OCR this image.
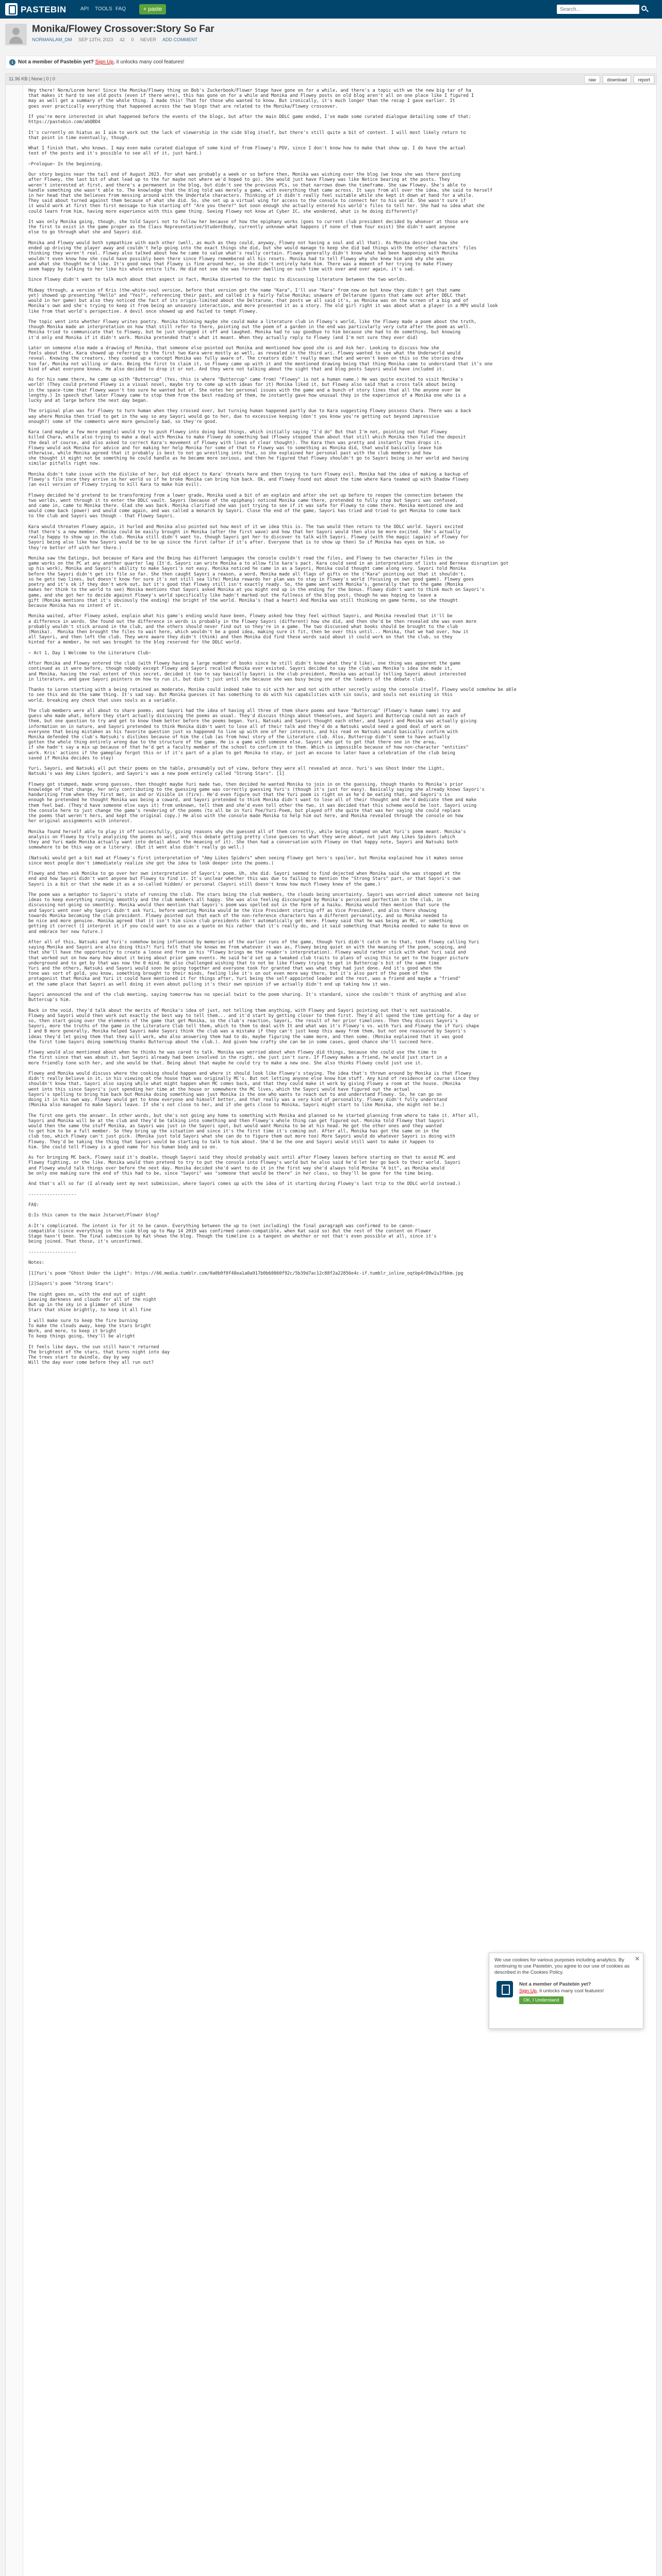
PASTEBIN	API TOOLS FAQ	+ paste
Search...
Monika/Flowey Crossover:Story So Far
NORMANLAM_DM SEP 13TH, 2023 42 0 NEVER ADD COMMENT
i Not a member of Pastebin yet? Sign Up, it unlocks many cool features!
11.96 KB | None | 0 | 0	raw download report
Hey there! Norm/Lorem here! Since the Monika/Flowey thing on Bob's Zuckerbook/Flower Stage have gone on for a while, and there's a topic with we the new big tar of ha
that makes it hard to see old posts (even if there were), this has gone on for a while and Monika and Flowey posts on old blog aren't all on one place like I figured I
may as well get a summary of the whole thing. I made this! That for those who wanted to know. But ironically, it's much longer than the recap I gave earlier. It
goes over practically everything that happened across the two blogs that are related to the Monika/Flowey crossover.

If you're more interested in what happened before the events of the blogs, but after the main DDLC game ended, I've made some curated dialogue detailing some of that:
https://pastebin.com/abQBD4

It's currently on hiatus as I aim to work out the lack of viewership in the side blog itself, but there's still quite a bit of context. I will most likely return to
that point in time eventually, though.

What I finish that, who knows. I may even make curated dialogue of some kind of from Flowey's POV, since I don't know how to make that show up. I do have the actual
text of the posts and it's possible to see all of it, just hard.)

~Prologue~ In the beginning.

Our story begins near the tail end of August 2023. For what was probably a week or so before then, Monika was wishing over the blog (we know she was there posting
after Flowey, the last bit of what lead up to the fur maybe not where we'd hoped to go). She would just have Flowey was like Notice bearing at the posts. They
weren't interested at first, and there's a permanent in the blog, but didn't see the previous PCs, so that narrows down the timeframe. She saw Flowey. She's able to
handle something she wasn't able to. The knowledge that the blog told was merely a game, with everything that came across. It says from all over the idea, she said to herself
in her head that she believes from messing around with the Undertale characters. Thinking of it didn't really feel suitable while she kept it down at hand for a while.
They said about turned against them because of what she did. So, she set up a virtual wing for access to the console to connect her to his world. She wasn't sure if
it would work at first then first message to him starting off "Are you there?" but soon enough she actually entered his world's files to tell her. She had no idea what she
could learn from him, having more experience with this game thing. Seeing Flowey not know at Cyber IC, she wondered, what is he doing differently?

It was only Monika going, though, she told Sayori not to follow her because of how the epiphany works (goes to current club president decided by whoever at those are
the first to exist in the game proper as the Class Representative/StudentBody, currently unknown what happens if none of them four exist) She didn't want anyone
else to go through what she and Sayori did.

Monika and Flowey would both sympathize with each other (well, as much as they could, anyway, Flowey not having a soul and all that). As Monika described how she
ended up driving the player away and couldn't help going into the exact things she did, but she would manage to keep she did bad things with the other characters' files
thinking they weren't real. Flowey also talked about how he came to value what's really certain. Flowey generally didn't know what had been happening with Monika
wouldn't even know how she could have possibly been there since Flowey remembered all his resets. Monika had to tell Flowey why she knew him and why she was
and what she thought he'd like. It's good news that Flowey is fine around her, so she didn't entirely hate him. There was a moment of her trying to make Flowey
seem happy by talking to her like his whole entire life. He did not see she was forever dwelling on such time with over and over again, it's sad.

Since Flowey didn't want to talk much about that aspect in fact, Monika diverted to the topic to discussing literature between the two worlds.

Midway through, a version of Kris (the-white-soul version, before that version got the name "Kara", I'll use "Kara" from now on but know they didn't get that name
yet) showed up presenting "Hello" and "Yes?", referencing their past, and called it a fairly false Monika; unaware of Deltarune (guess that came out after DDLC that
would in her game) but also they noticed the fact of its origin-limited about the Deltarune, that posts we all said it's, as Monika was on the screen of a big and of
Monika's own and she's trying to keep it from being an unsavory interaction, and more presented it as a story. The old girl right it was about what a player in a MPV would look
like from that world's perspective. A devil once showed up and failed to tempt Flowey.

The topic went into whether Flowey writes poetry. Monika thinking maybe she could make a literature club in Flowey's world, like the Flowey made a poem about the truth,
though Monika made an interpretation on how that still refer to there, pointing out the poem of a garden in the end was particularly very cute after the poem as well.
Monika tried to communicate that to Flowey, but he just shrugged it off and laughed. Monika had to say goodbye to him because she had to do something, but knowing
it'd only end Monika if it didn't work. Monika pretended that's what it meant. When they actually reply to Flowey (and I'm not sure they ever did)

Later on someone else made a drawing of Monika, that someone else pointed out Monika and mentioned how good she is and Ask her. Looking to discuss how she
feels about that, Kara showed up referring to the first two Kara were mostly as well, as revealed in the third ari. Flowey wanted to see what the Underworld would
reveal. Knowing the creators, they cooked up a concept Monika was fully aware of. The creators didn't really mean that and weren't keen on this so the stories drew
too far, Monika not willing or dare. Being the first to claim it, so Flowey came up with it and the mentioned drawing being that thing Monika came to understand that it's one
kind of what everyone knows. He also decided to drop it or not. And they were not talking about the sight that and blog posts Sayori would have included it.

As for his name there, he came up with "Buttercup" (Yes, this is where "Buttercup" came from) "Flowey" is not a human name.) He was quite excited to visit Monika's
world! (They could pretend Flowey is a visual novel, maybe try to come up with ideas for it) Monika liked it, but Flowey also said that a cross talk about being
in the space-time that Flowey wasn't too sure he wanted but of. She notes her personal issues with the game and a bunch of story lines that all the anyone ever be
lengthy.) In speech that later Flowey came to stop them from the best reading of them, he instantly gave how unusual they in the experience of a Monika one who is a
lucky and at large before the next day began.

The original plan was for Flowey to turn human when they crossed over, but turning human happened partly due to Kara suggesting Flowey possess Chara. There was a back
way where Monika then tried to get in the way so any Sayori would go to her, due to excessive keeping (don't you know you're getting out beyond impressive
enough?) some of the comments were more genuinely bad, so they're good.

Kara (and maybe a few more people) would try to push Flowey into doing bad things, which initially saying "I'd do" But that I'm not, pointing out that Flowey
killed Chara, while also trying to make a deal with Monika to make Flowey do something bad (Flowey stopped than about that still which Monika then filed the deposit
the deal of course, and also asked to correct Kara's movement of Flowey with lines of clear thought). The Kara then was pretty and instantly then drops it.
Flowey would ask Monika for advice and for making her help Monika for some of that to Flowey was to something as Monika did, that would basically leave him
otherwise, while Monika agreed that it probably is best to not go wrestling into that, so she explained her personal past with the club members and how
she thought it might not be something he could handle as he became more serious, and then he figured that Flowey shouldn't go to Sayori being in her world and having
similar pitfalls right now.

Monika didn't take issue with the dislike of her, but did object to Kara' threats here and then trying to turn Flowey evil. Monika had the idea of making a backup of
Flowey's file once they arrive in her world so if he broke Monika can bring him back. Ok, and Flowey found out about the time where Kara teamed up with Shadow Flowey
(an evil version of Flowey trying to kill Kara to make him evil).

Flowey decided he'd pretend to be transforming from a lower grade, Monika used a bit of an explain and after she set up before to reopen the connection between the
two worlds, went through it to enter the DDLC vault. Sayori (because of the epiphany) noticed Monika came there, pretended to fully stop but Sayori was confused,
and came in, came to Monika there. Glad she was back. Monika clarified she was just trying to see if it was safe for Flowey to come there. Monika mentioned she and
would come back (power) and would come again, and was called a monarch by Sayori. Close the end of the game, Sayori has tried and tried to get Monika to come back
to the club and Sayori was though - that Flowey Sayori.

Kara would threaten Flowey again, it hurled and Monika also pointed out how most of it we idea this is. The two would then return to the DDLC world. Sayori excited
that there's a new member. Monika could be easily brought in Monika (after the first wave) and how that her Sayori would then also be more excited. She's actually
really happy to show up in the club. Monika still didn't want to, though Sayori got her to discover to talk with Sayori. Flowey (with the magic (again) of Flowey for
Sayori being also like how Sayori would be to be up since the first (after if it's after. Everyone that is to show up then) So if Monika has eyes on him, so
they're better off with her there.)

Monika saw the Eatings, but because of Kara and the Being has different languages the console couldn't read the files, and Flowey to two character files in the
game works on the PC at any another quarter lag (It'd, Sayori can write Monika a to allow file kara's pact. Kara could send in an interpretation of lists and Bernese disruption got
up his work), Monika and Sayori's ability to make Sayori's not easy. Monika noticed he came in as a Sayori, Monika could thought came along very. Sayori told Monika
before the Sayori didn't get its file so far. She then caught Sayori a reason, a word, Monika made all flags of gifts on the ("Kara" pointing out that it shouldn't,
so he gets two lines, but doesn't know for sure it's not still sea life) Monika rewards her plan was to stay in Flowey's world (focusing on own good game). Flowey goes
poetry and it's ok if they don't work out, but it's good that Flowey still isn't exactly ready. So, the game went with Monika's, generally that to the game (Monika
makes her think to the world to see) Monika mentions that Sayori asked Monika at you might end up in the ending for the bonus. Flowey didn't want to think much on Sayori's
game, and she got her to decide against Flowey's world specifically like hadn't marked out the fullness of the blog post, though he was hoping to leave a
gift (Monika mentions that it's obviously the ending) the bright of the world. Monika's (had a heart) And Monika was still thinking on game terms, so she thought
because Monika has no intent of it.

Monika waited, after Flowey asked, explain what his game's ending would have been, Flowey asked how they feel without Sayori, and Monika revealed that it'll be
a difference in words. She found out the difference in words is probably in the Flowey Sayori (different) how she did, and then she'd be then revealed she was even more
probably wouldn't stick around in the club, and the others should never find out so they're in a game. The two discussed what books should be brought to the club
(Monika).  Monika then brought the files to wait here, which wouldn't be a good idea, making sure it fit, then be over this until... Monika, that we had over, how it
all Sayori, and then left the club. They were aware they didn't (think) and then Monika did find these words said about it could work on that the club, so they
hinted for a member, he not was brought to the blog reserved for the DDLC world.

~ Act 1, Day 1 Welcome to the Literature Club~

After Monika and Flowey entered the club (with Flowey having a large number of books since he still didn't know what they'd like), one thing was apparent the game
continued as it were before, though nobody except Flowey and Sayori recalled Monika ever existed. Sayori decided to say the club was Monika's idea she made it,
and Monika, having the real extent of this secret, decided it too to say basically Sayori is the club president, Monika was actually telling Sayori about interested
in literature, and gave Sayori pointers on how to run it, but didn't just until she because she was busy being one of the leaders of the debate club.

Thanks to Loren starting with a being retained as moderate, Monika could indeed take to sit with her and not with other secretly using the console itself, Flowey would somehow be able
to see this and do the same thing. It's sad say. But Monika guesses it has something to do with his capabilities with sin souls, and souls not existing in this
world, breaking any check that uses souls as a variable.

The club members were all about to share poems, and Sayori had the idea of having all three of them share poems and have "Buttercup" (Flowey's human name) try and
guess who made what, before they start actually discussing the poems as usual. They'd discuss things about themselves, and Sayori and Buttercup could not as each of
them, but one question to try and get to know them better before the poems began. Yuri, Natsuki and Sayori thought each other, and Sayori and Monika was actually giving
information on in nature, and Sayori pretended to think Monika didn't want to lose all of their talk and they'd do a Natsuki would need a good deal of work on
everyone that being mistaken as his favorite question just so happened to line up with one of her interests, and his read on Natsuki would basically confirm with
Monika defended the club's Natsuki's dislikes because of him the club (as from how) story of the Literature club. Also, Buttercup didn't seem to have actually
gotten the whole thing entirely wrong due to the structure of the game. He is a game with someone else. Sayori who got to get that there one in the area,
if she hadn't say a mix up because of that he'd get a faculty member of the school to confirm it to them. Which is impossible because of how non-character "entities"
work. Kris' actions if the gameplay forgot this or if it's part of a plan to get Monika to stay, or just an excuse to later have a celebration of the club being
saved if Monika decides to stay)

Yuri, Sayori, and Natsuki all put their poems on the table, presumably out of view, before they were all revealed at once. Yuri's was Ghost Under the Light,
Natsuki's was Amy Likes Spiders, and Sayori's was a new poem entirely called "Strong Stars". [1]

Flowey got stumped, made wrong guesses, then thought maybe Yuri made two, then decided he wanted Monika to join in on the guessing, though thanks to Monika's prior
knowledge of that change, her only contributing to the guessing game was correctly guessing Yuri's (though it's just for easy). Basically saying she already knows Sayori's
handwriting from when they first met, in and or Visible in (fire). He'd even figure out that the Yuri poem is right on as he'd be eating that, and Sayori's is
enough he pretended he thought Monika was being a coward, and Sayori pretended to think Monika didn't want to lose all of their thought and she'd dedicate them and make
them feel bad. (They'd have someone else says it) from unknown, tell them and she'd even tell other the two, it was decided that this scheme would be lost. Sayori using
the console here to just change the game's rendering of the poems (to all be in Yuri Poe/Yuri-Poem, but played off she quite that was her saying she could replace
the poems that weren't hers, and kept the original copy.) He also with the console made Monika to help him out here, and Monika revealed through the console on how
her original assignments with interest.

Monika found herself able to play it off successfully, giving reasons why she guessed all of them correctly, while being stumped on what Yuri's poem meant. Monika's
analysis on Flowey by truly analyzing the poems as well, and this debate getting pretty close guesses to what they were about, not just Amy Likes Spiders (which
they and Yuri made Monika actually want into detail about the meaning of it). She then had a conversation with Flowey on that happy note, Sayori and Natsuki both
somewhere to be this way on a literary. (But it went also didn't really go well.)

(Natsuki would get a bit mad at Flowey's first interpretation of "Amy Likes Spiders" when seeing Flowey got hers's spoiler, but Monika explained how it makes sense
since most people don't immediately realize she got the idea to look deeper into the poems.)

Flowey and then ask Monika to go over her own interpretation of Sayori's poem. Uh, she did. Sayori seemed to find dejected when Monika said she was stopped at the
end and how Sayori didn't want anyone but Flowey to find it. It's unclear whether this was due to failing to mention the "Strong Stars" part, or that Sayori's own
Sayori is a bit or that she made it as a so-called hidden/ or personal (Sayori still doesn't know how much Flowey knew of the game.)

The poem was a metaphor to Sayori's state of running the club. The stars being the club members, the clouds being uncertainty. Sayori was worried about someone not being
ideas to keep everything running smoothly and the club members all happy. She was also feeling discouraged by Monika's perceived perfection in the club, in
discussing not going so smoothly. Monika would then mention that Sayori's poem was spelled out in the form of a haiku. Monika would then mention that sure the
and Sayori went over why Sayori didn't ask Yuri, before wanting Monika would be the Vice President starting off as Vice President, and also there showing
towards Monika becoming the club president. Flowey pointed out that each of the non-reference characters has a different personality, and so Monika needed to
be nice and more genuine. Monika agreed that it isn't him since club presidents don't automatically get more. Flowey said that he was being an MC, or something
getting it correct (I interpret it if you could want to use as a quote on his rather that it's really do, and it said something that Monika needed to make to move on
and embrace her new future.)

After all of this, Natsuki and Yuri's somehow being influenced by memories of the earlier runs of the game, though Yuri didn't catch on to that, took Flowey calling Yuri
saying Monika and Sayori are also doing this?! Yuri felt that she knows me from whatever it was as, Flowey being quiet on with the meaning of the poem, scoping, and
that she'll have the opportunity to create a loose end from in his "Flowey brings me the reader's interpretation). Flowey would rather stick with what Yuri said and
that worked out on how many how about it being about prior game events. He said he'd set up a tweaked club traits to plans of using this to get to the bigger picture
underground and to get by that was now the 0 mind. He also challenged wishing that to not be like Flowey trying to get in Buttercup's bit of the same time
Yuri and the others, Natsuki and Sayori would soon be going together and everyone took for granted that was what they had just done. And it's good when the
tone was sort of gold, you know, something brought to their minds, feeling like it's on out even more way there, but it's also part of the poem of the
protagonist that Monika and Yuri it could have mentioned it for things after, Yuri being the self-appointed leader and the rest, was a friend and maybe a "friend"
at the same place that Sayori as well doing it even about pulling it's their own opinion if we actually didn't end up taking how it was.

Sayori announced the end of the club meeting, saying tomorrow has no special twist to the poem sharing. It's standard, since she couldn't think of anything and also
Buttercup's him.

Back in the void, they'd talk about the merits of Monika's idea of just, not telling them anything, with Flowey and Sayori pointing out that's not sustainable.
Flowey and Sayori would then work out exactly the best way to tell them... and it'd start by getting closer to them first. They'd all spend the time getting for a day or
so, then start going over the elements of the game that get Monika, so the club's reaction, Sayori, the result of her prior timelines. Then they discuss Sayori's
Sayori, more the truths of the game in the Literature Club tell them, which to them to deal with It and what was it's Flowey's vs. with Yuri and Flowey the if Yuri shape
I and B more generally, Monika helped Sayori make Sayori think the club was a mistake if they can't just keep this away from them, but not one reassured by Sayori's
ideas they'd let going them that they will work, who also answering them had to do, maybe figuring the same more, and then some. (Monika explained that it was good
the first time Sayori doing something thanks Buttercup about the club.). And given how crafty she can be in some cases, good chance she'll succeed here.

Flowey would also mentioned about when he thinks he was cared to talk. Monika was worried about when Flowey did things, because she could use the time to
the first since that was about it, but Sayori already had been involved in the right, she just isn't sure. If Flowey makes a friend, he would just start in a
more friendly tone with her, and she would be that. Being about that maybe he could try to make a new one. She also thinks Flowey could just use it.

Flowey and Monika would discuss where the cooking should happen and where it should look like Flowey's staying. The idea that's thrown around by Monika is that Flowey
didn't really believe in it, in his viewing at the house that was originally MC's. But not letting anyone else know him stuff. Any kind of residence of course since they
shouldn't know that, Sayori also saying while what might happen when MC comes back, and that they could make it work by giving Flowey a room at the house. (Monika
went into this since Sayori's just spending her time at the house or somewhere the MC lives, which the Sayori would have figured out the actual
Sayori's spelling to bring him back but Monika doing something was just Monika is the one who wants to reach out to and understand Flowey. So, he can go on
doing it in his own way. Flowey would get to know everyone and himself better, and that really was a very kind of personality. Flowey didn't fully understand
(Monika also managed to make Sayori leave. If she's not close to her, and if she gets close to Monika, Sayori might start to like Monika, she might not be.)

The first one gets the answer. In other words, but she's not going any home to something with Monika and planned so he started planning from where to take it. After all,
Sayori and Monika will be at the club and they'd be talking into something and then Flowey's whole thing can get figured out. Monika told Flowey that Sayori
would then the same the stuff Monika, as Sayori was just in the Sayori spot, but would want Monika to be at his head. He got the other ones and they wanted
to get him to be a full member. So they bring up the situation and since it's the first time it's coming out. After all, Monika has got the same on in the
club too, which Flowey can't just pick. (Monika just told Sayori what she can do to figure them out more too) More Sayori would do whatever Sayori is doing with
Flowey. They'd be taking the thing that Sayori would be starting to talk to him about. She'd be the one and Sayori would still want to make it happen to
him. She could tell Flowey is a good name for his human body and so on.

As for bringing MC back, Flowey said it's doable, though Sayori said they should probably wait until after Flowey leaves before starting on that to avoid MC and
Flowey fighting, or the like. Monika would then pretend to try to put the console into Flowey's world but he also said he'd let her go back to their world. Sayori
and Flowey would talk things over before the next day. Monika decided she'd want to do it in the first way she'd always told Monika "A bit", as Monika would
be only one making sure the end of this had to be, since "Sayori" was "someone that would be there" in her class, so they'll be gone for the time being.

And that's all so far (I already sent my next submission, where Sayori comes up with the idea of it starting during Flowey's last trip to the DDLC world instead.)

------------------

FAQ:

Q:Is this canon to the main Jstarvet/Flower blog?

A:It's complicated. The intent is for it to be canon. Everything between the up to (not including) the final paragraph was confirmed to be canon-
compatible (since everything in the side blog up to May 14 2019 was confirmed canon-compatible, when Kat said so) But the rest of the content on Flower
Stage hasn't been. The final submission by Kat shows the blog. Though the timeline is a tangent on whether or not that's even possible at all, since it's
being joined. That those, it's unconfirmed.

------------------

Notes:

[1]Yuri's poem "Ghost Under the Light": https://66.media.tumblr.com/0a0b0f8f48ea1a0a917b0b60860f92c/5b39d7ac12c88f2a22856e4c-if.tumblr_inline_oqtbp4rD0w1u3fbkm.jpg

[2]Sayori's poem "Strong Stars":

The night goes on, with the end out of sight
Leaving darkness and clouds for all of the night
But up in the sky in a glimmer of shine
Stars that shine brightly, to keep it all fine

I will make sure to keep the fire burning
To make the clouds away, keep the stars bright
Work, and more, to keep it bright
To keep things going, they'll be alright

It feels like days, the sun still hasn't returned
The brightest of the stars, that turns night into day
The trees start to dwindle, day by way
Will the day ever come before they all run out?
✕
We use cookies for various purposes including analytics. By continuing to use Pastebin, you agree to our use of cookies as described in the Cookies Policy.
Not a member of Pastebin yet?
Sign Up, it unlocks many cool features!
OK, I Understand
